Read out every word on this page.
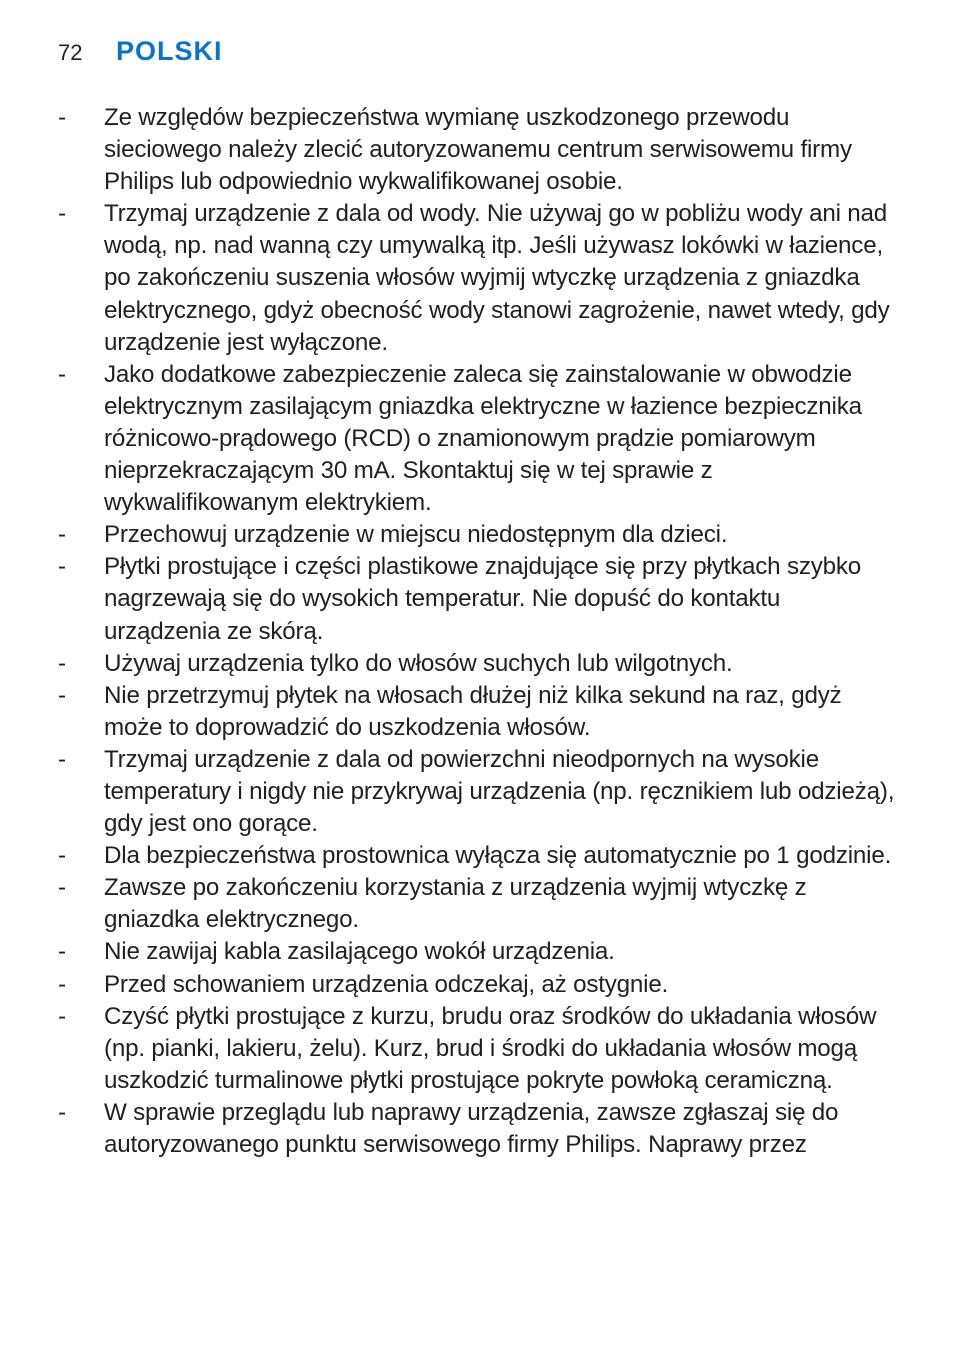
72	POLSKI
-	Ze względów bezpieczeństwa wymianę uszkodzonego przewodu sieciowego należy zlecić autoryzowanemu centrum serwisowemu firmy Philips lub odpowiednio wykwalifikowanej osobie.
-	Trzymaj urządzenie z dala od wody. Nie używaj go w pobliżu wody ani nad wodą, np. nad wanną czy umywalką itp. Jeśli używasz lokówki w łazience, po zakończeniu suszenia włosów wyjmij wtyczkę urządzenia z gniazdka elektrycznego, gdyż obecność wody stanowi zagrożenie, nawet wtedy, gdy urządzenie jest wyłączone.
-	Jako dodatkowe zabezpieczenie zaleca się zainstalowanie w obwodzie elektrycznym zasilającym gniazdka elektryczne w łazience bezpiecznika różnicowo-prądowego (RCD) o znamionowym prądzie pomiarowym nieprzekraczającym 30 mA. Skontaktuj się w tej sprawie z wykwalifikowanym elektrykiem.
-	Przechowuj urządzenie w miejscu niedostępnym dla dzieci.
-	Płytki prostujące i części plastikowe znajdujące się przy płytkach szybko nagrzewają się do wysokich temperatur. Nie dopuść do kontaktu urządzenia ze skórą.
-	Używaj urządzenia tylko do włosów suchych lub wilgotnych.
-	Nie przetrzymuj płytek na włosach dłużej niż kilka sekund na raz, gdyż może to doprowadzić do uszkodzenia włosów.
-	Trzymaj urządzenie z dala od powierzchni nieodpornych na wysokie temperatury i nigdy nie przykrywaj urządzenia (np. ręcznikiem lub odzieżą), gdy jest ono gorące.
-	Dla bezpieczeństwa prostownica wyłącza się automatycznie po 1 godzinie.
-	Zawsze po zakończeniu korzystania z urządzenia wyjmij wtyczkę z gniazdka elektrycznego.
-	Nie zawijaj kabla zasilającego wokół urządzenia.
-	Przed schowaniem urządzenia odczekaj, aż ostygnie.
-	Czyść płytki prostujące z kurzu, brudu oraz środków do układania włosów (np. pianki, lakieru, żelu). Kurz, brud i środki do układania włosów mogą uszkodzić turmalinowe płytki prostujące pokryte powłoką ceramiczną.
-	W sprawie przeglądu lub naprawy urządzenia, zawsze zgłaszaj się do autoryzowanego punktu serwisowego firmy Philips. Naprawy przez
